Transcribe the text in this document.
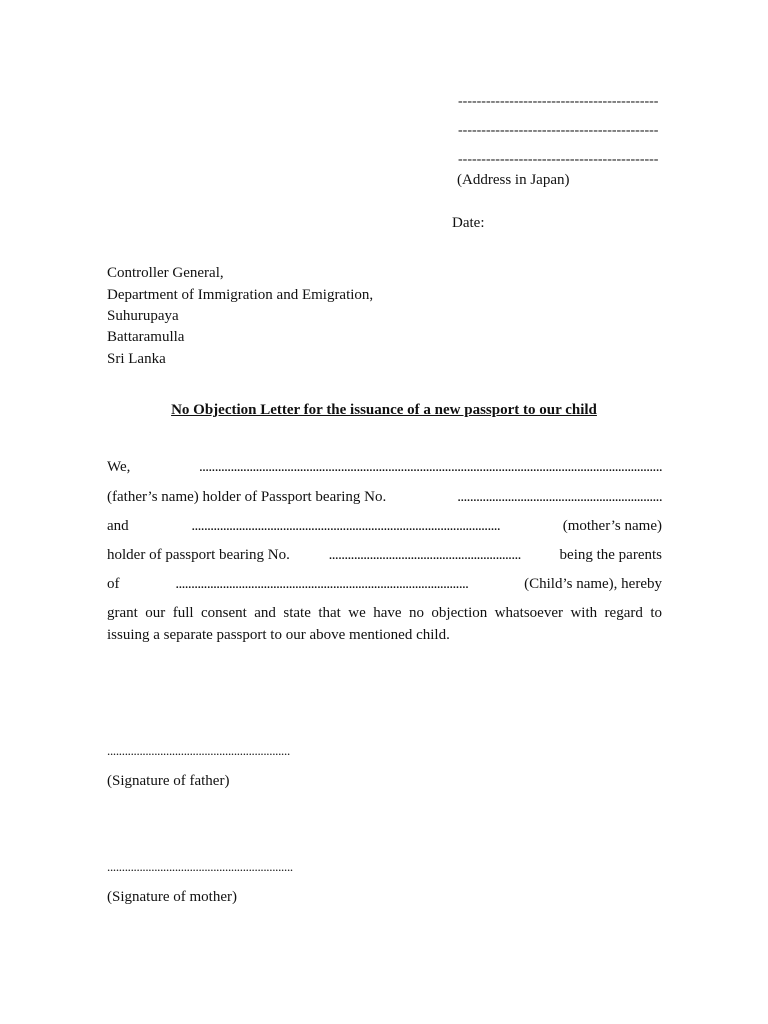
-------------------------------------------
-------------------------------------------
-------------------------------------------
(Address in Japan)
Date:
Controller General,
Department of Immigration and Emigration,
Suhurupaya
Battaramulla
Sri Lanka
No Objection Letter for the issuance of a new passport to our child
We,	...................................................................................................................................................
(father’s name) holder of Passport bearing No.	.................................................................
and	..................................................................................................	(mother’s name)
holder of passport bearing No.	.............................................................	being the parents
of	.............................................................................................	(Child’s name), hereby
grant our full consent and state that we have no objection whatsoever with regard to
issuing a separate passport to our above mentioned child.
..............................................................
(Signature of father)
...............................................................
(Signature of mother)
